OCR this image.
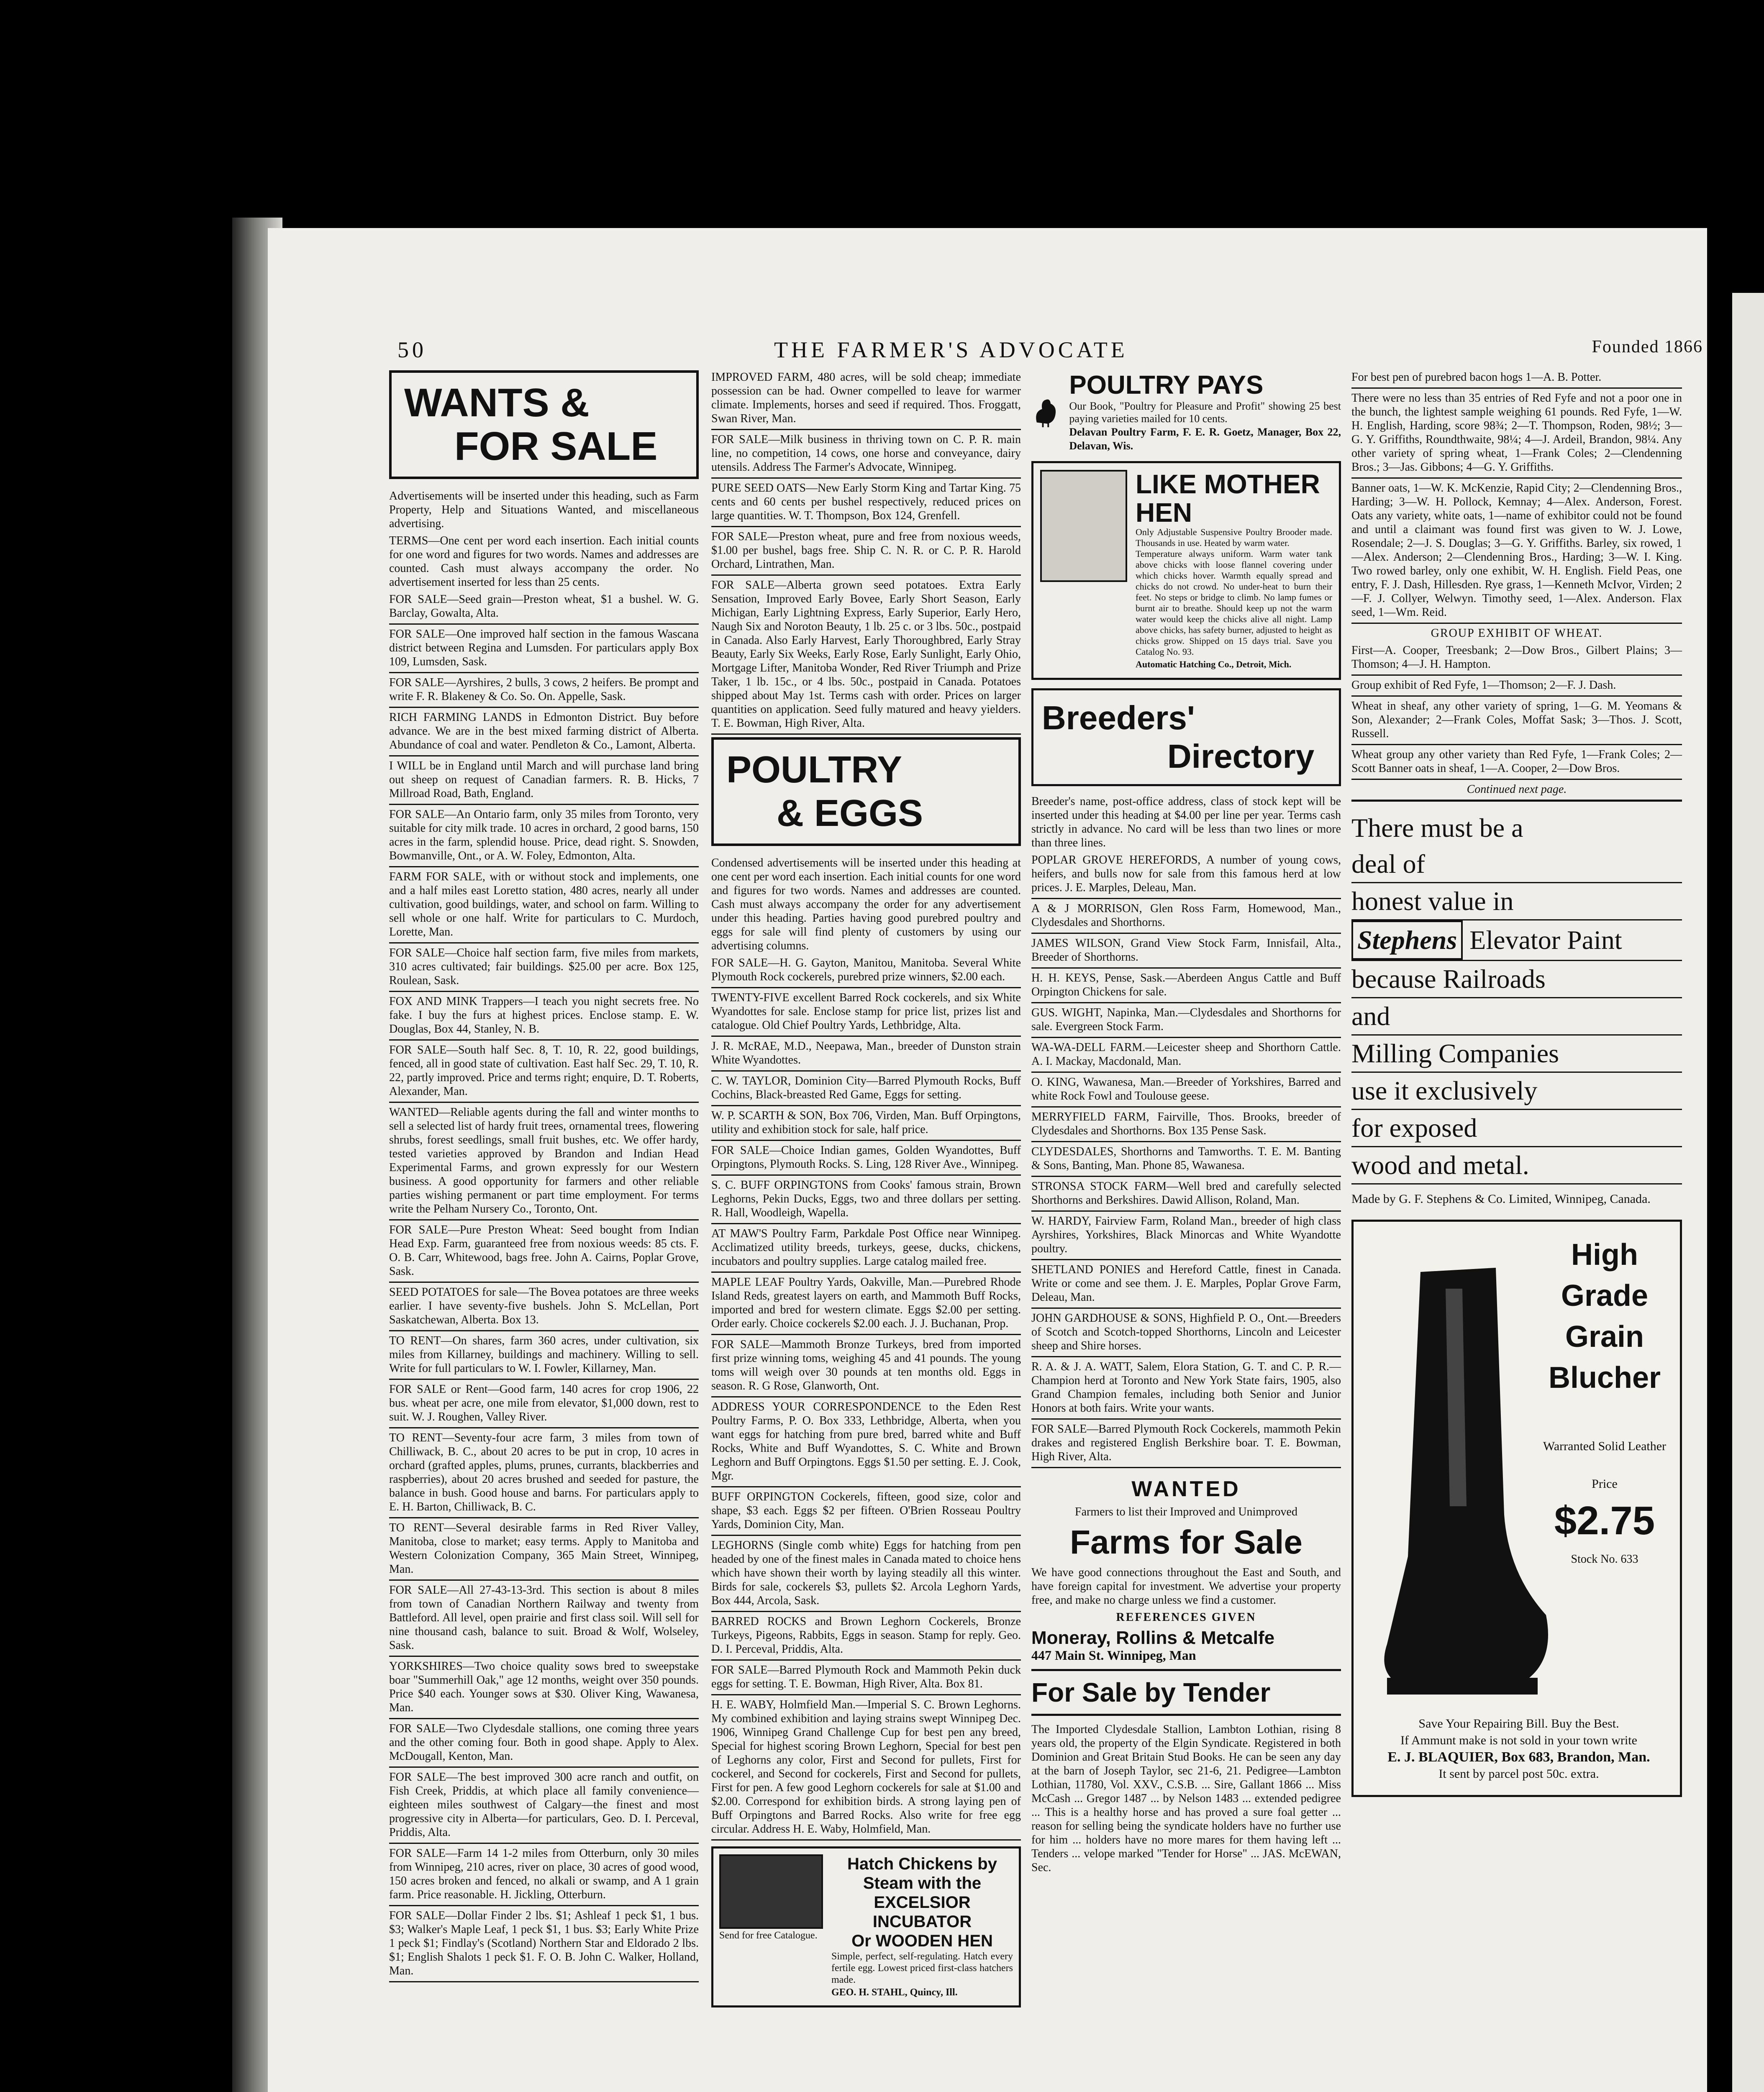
50	THE FARMER'S ADVOCATE	Founded 1866
WANTS &
FOR SALE

Advertisements will be inserted under this heading, such as Farm Property, Help and Situations Wanted, and miscellaneous advertising.

TERMS—One cent per word each insertion. Each initial counts for one word and figures for two words. Names and addresses are counted. Cash must always accompany the order. No advertisement inserted for less than 25 cents.

FOR SALE—Seed grain—Preston wheat, $1 a bushel. W. G. Barclay, Gowalta, Alta.

FOR SALE—One improved half section in the famous Wascana district between Regina and Lumsden. For particulars apply Box 109, Lumsden, Sask.

FOR SALE—Ayrshires, 2 bulls, 3 cows, 2 heifers. Be prompt and write F. R. Blakeney & Co. So. On. Appelle, Sask.

RICH FARMING LANDS in Edmonton District. Buy before advance. We are in the best mixed farming district of Alberta. Abundance of coal and water. Pendleton & Co., Lamont, Alberta.

I WILL be in England until March and will purchase land bring out sheep on request of Canadian farmers. R. B. Hicks, 7 Millroad Road, Bath, England.

FOR SALE—An Ontario farm, only 35 miles from Toronto, very suitable for city milk trade. 10 acres in orchard, 2 good barns, 150 acres in the farm, splendid house. Price, dead right. S. Snowden, Bowmanville, Ont., or A. W. Foley, Edmonton, Alta.

FARM FOR SALE, with or without stock and implements, one and a half miles east Loretto station, 480 acres, nearly all under cultivation, good buildings, water, and school on farm. Willing to sell whole or one half. Write for particulars to C. Murdoch, Lorette, Man.

FOR SALE—Choice half section farm, five miles from markets, 310 acres cultivated; fair buildings. $25.00 per acre. Box 125, Roulean, Sask.

FOX AND MINK Trappers—I teach you night secrets free. No fake. I buy the furs at highest prices. Enclose stamp. E. W. Douglas, Box 44, Stanley, N. B.

FOR SALE—South half Sec. 8, T. 10, R. 22, good buildings, fenced, all in good state of cultivation. East half Sec. 29, T. 10, R. 22, partly improved. Price and terms right; enquire, D. T. Roberts, Alexander, Man.

WANTED—Reliable agents during the fall and winter months to sell a selected list of hardy fruit trees, ornamental trees, flowering shrubs, forest seedlings, small fruit bushes, etc. We offer hardy, tested varieties approved by Brandon and Indian Head Experimental Farms, and grown expressly for our Western business. A good opportunity for farmers and other reliable parties wishing permanent or part time employment. For terms write the Pelham Nursery Co., Toronto, Ont.

FOR SALE—Pure Preston Wheat: Seed bought from Indian Head Exp. Farm, guaranteed free from noxious weeds: 85 cts. F. O. B. Carr, Whitewood, bags free. John A. Cairns, Poplar Grove, Sask.

SEED POTATOES for sale—The Bovea potatoes are three weeks earlier. I have seventy-five bushels. John S. McLellan, Port Saskatchewan, Alberta. Box 13.

TO RENT—On shares, farm 360 acres, under cultivation, six miles from Killarney, buildings and machinery. Willing to sell. Write for full particulars to W. I. Fowler, Killarney, Man.

FOR SALE or Rent—Good farm, 140 acres for crop 1906, 22 bus. wheat per acre, one mile from elevator, $1,000 down, rest to suit. W. J. Roughen, Valley River.

TO RENT—Seventy-four acre farm, 3 miles from town of Chilliwack, B. C., about 20 acres to be put in crop, 10 acres in orchard (grafted apples, plums, prunes, currants, blackberries and raspberries), about 20 acres brushed and seeded for pasture, the balance in bush. Good house and barns. For particulars apply to E. H. Barton, Chilliwack, B. C.

TO RENT—Several desirable farms in Red River Valley, Manitoba, close to market; easy terms. Apply to Manitoba and Western Colonization Company, 365 Main Street, Winnipeg, Man.

FOR SALE—All 27-43-13-3rd. This section is about 8 miles from town of Canadian Northern Railway and twenty from Battleford. All level, open prairie and first class soil. Will sell for nine thousand cash, balance to suit. Broad & Wolf, Wolseley, Sask.

YORKSHIRES—Two choice quality sows bred to sweepstake boar "Summerhill Oak," age 12 months, weight over 350 pounds. Price $40 each. Younger sows at $30. Oliver King, Wawanesa, Man.

FOR SALE—Two Clydesdale stallions, one coming three years and the other coming four. Both in good shape. Apply to Alex. McDougall, Kenton, Man.

FOR SALE—The best improved 300 acre ranch and outfit, on Fish Creek, Priddis, at which place all family convenience—eighteen miles southwest of Calgary—the finest and most progressive city in Alberta—for particulars, Geo. D. I. Perceval, Priddis, Alta.

FOR SALE—Farm 14 1-2 miles from Otterburn, only 30 miles from Winnipeg, 210 acres, river on place, 30 acres of good wood, 150 acres broken and fenced, no alkali or swamp, and A 1 grain farm. Price reasonable. H. Jickling, Otterburn.

FOR SALE—Dollar Finder 2 lbs. $1; Ashleaf 1 peck $1, 1 bus. $3; Walker's Maple Leaf, 1 peck $1, 1 bus. $3; Early White Prize 1 peck $1; Findlay's (Scotland) Northern Star and Eldorado 2 lbs. $1; English Shalots 1 peck $1. F. O. B. John C. Walker, Holland, Man.

IMPROVED FARM, 480 acres, will be sold cheap; immediate possession can be had. Owner compelled to leave for warmer climate. Implements, horses and seed if required. Thos. Froggatt, Swan River, Man.

FOR SALE—Milk business in thriving town on C. P. R. main line, no competition, 14 cows, one horse and conveyance, dairy utensils. Address The Farmer's Advocate, Winnipeg.

PURE SEED OATS—New Early Storm King and Tartar King. 75 cents and 60 cents per bushel respectively, reduced prices on large quantities. W. T. Thompson, Box 124, Grenfell.

FOR SALE—Preston wheat, pure and free from noxious weeds, $1.00 per bushel, bags free. Ship C. N. R. or C. P. R. Harold Orchard, Lintrathen, Man.

FOR SALE—Alberta grown seed potatoes. Extra Early Sensation, Improved Early Bovee, Early Short Season, Early Michigan, Early Lightning Express, Early Superior, Early Hero, Naugh Six and Noroton Beauty, 1 lb. 25 c. or 3 lbs. 50c., postpaid in Canada. Also Early Harvest, Early Thoroughbred, Early Stray Beauty, Early Six Weeks, Early Rose, Early Sunlight, Early Ohio, Mortgage Lifter, Manitoba Wonder, Red River Triumph and Prize Taker, 1 lb. 15c., or 4 lbs. 50c., postpaid in Canada. Potatoes shipped about May 1st. Terms cash with order. Prices on larger quantities on application. Seed fully matured and heavy yielders. T. E. Bowman, High River, Alta.

POULTRY
& EGGS

Condensed advertisements will be inserted under this heading at one cent per word each insertion. Each initial counts for one word and figures for two words. Names and addresses are counted. Cash must always accompany the order for any advertisement under this heading. Parties having good purebred poultry and eggs for sale will find plenty of customers by using our advertising columns.

FOR SALE—H. G. Gayton, Manitou, Manitoba. Several White Plymouth Rock cockerels, purebred prize winners, $2.00 each.

TWENTY-FIVE excellent Barred Rock cockerels, and six White Wyandottes for sale. Enclose stamp for price list, prizes list and catalogue. Old Chief Poultry Yards, Lethbridge, Alta.

J. R. McRAE, M.D., Neepawa, Man., breeder of Dunston strain White Wyandottes.

C. W. TAYLOR, Dominion City—Barred Plymouth Rocks, Buff Cochins, Black-breasted Red Game, Eggs for setting.

W. P. SCARTH & SON, Box 706, Virden, Man. Buff Orpingtons, utility and exhibition stock for sale, half price.

FOR SALE—Choice Indian games, Golden Wyandottes, Buff Orpingtons, Plymouth Rocks. S. Ling, 128 River Ave., Winnipeg.

S. C. BUFF ORPINGTONS from Cooks' famous strain, Brown Leghorns, Pekin Ducks, Eggs, two and three dollars per setting. R. Hall, Woodleigh, Wapella.

AT MAW'S Poultry Farm, Parkdale Post Office near Winnipeg. Acclimatized utility breeds, turkeys, geese, ducks, chickens, incubators and poultry supplies. Large catalog mailed free.

MAPLE LEAF Poultry Yards, Oakville, Man.—Purebred Rhode Island Reds, greatest layers on earth, and Mammoth Buff Rocks, imported and bred for western climate. Eggs $2.00 per setting. Order early. Choice cockerels $2.00 each. J. J. Buchanan, Prop.

FOR SALE—Mammoth Bronze Turkeys, bred from imported first prize winning toms, weighing 45 and 41 pounds. The young toms will weigh over 30 pounds at ten months old. Eggs in season. R. G Rose, Glanworth, Ont.

ADDRESS YOUR CORRESPONDENCE to the Eden Rest Poultry Farms, P. O. Box 333, Lethbridge, Alberta, when you want eggs for hatching from pure bred, barred white and Buff Rocks, White and Buff Wyandottes, S. C. White and Brown Leghorn and Buff Orpingtons. Eggs $1.50 per setting. E. J. Cook, Mgr.

BUFF ORPINGTON Cockerels, fifteen, good size, color and shape, $3 each. Eggs $2 per fifteen. O'Brien Rosseau Poultry Yards, Dominion City, Man.

LEGHORNS (Single comb white) Eggs for hatching from pen headed by one of the finest males in Canada mated to choice hens which have shown their worth by laying steadily all this winter. Birds for sale, cockerels $3, pullets $2. Arcola Leghorn Yards, Box 444, Arcola, Sask.

BARRED ROCKS and Brown Leghorn Cockerels, Bronze Turkeys, Pigeons, Rabbits, Eggs in season. Stamp for reply. Geo. D. I. Perceval, Priddis, Alta.

FOR SALE—Barred Plymouth Rock and Mammoth Pekin duck eggs for setting. T. E. Bowman, High River, Alta. Box 81.

H. E. WABY, Holmfield Man.—Imperial S. C. Brown Leghorns. My combined exhibition and laying strains swept Winnipeg Dec. 1906, Winnipeg Grand Challenge Cup for best pen any breed, Special for highest scoring Brown Leghorn, Special for best pen of Leghorns any color, First and Second for pullets, First for cockerel, and Second for cockerels, First and Second for pullets, First for pen. A few good Leghorn cockerels for sale at $1.00 and $2.00. Correspond for exhibition birds. A strong laying pen of Buff Orpingtons and Barred Rocks. Also write for free egg circular. Address H. E. Waby, Holmfield, Man.

Send for free Catalogue.
Hatch Chickens by
Steam with the
EXCELSIOR INCUBATOR
Or WOODEN HEN
Simple, perfect, self-regulating. Hatch every fertile egg. Lowest priced first-class hatchers made.
GEO. H. STAHL, Quincy, Ill.
POULTRY PAYS
Our Book, "Poultry for Pleasure and Profit" showing 25 best paying varieties mailed for 10 cents.
Delavan Poultry Farm, F. E. R. Goetz, Manager, Box 22, Delavan, Wis.
LIKE MOTHER
HEN
Only Adjustable Suspensive Poultry Brooder made. Thousands in use. Heated by warm water.
Temperature always uniform. Warm water tank above chicks with loose flannel covering under which chicks hover. Warmth equally spread and chicks do not crowd. No under-heat to burn their feet. No steps or bridge to climb. No lamp fumes or burnt air to breathe. Should keep up not the warm water would keep the chicks alive all night. Lamp above chicks, has safety burner, adjusted to height as chicks grow. Shipped on 15 days trial. Save you Catalog No. 93.
Automatic Hatching Co., Detroit, Mich.
Breeders'
Directory

Breeder's name, post-office address, class of stock kept will be inserted under this heading at $4.00 per line per year. Terms cash strictly in advance. No card will be less than two lines or more than three lines.

POPLAR GROVE HEREFORDS, A number of young cows, heifers, and bulls now for sale from this famous herd at low prices. J. E. Marples, Deleau, Man.

A & J MORRISON, Glen Ross Farm, Homewood, Man., Clydesdales and Shorthorns.

JAMES WILSON, Grand View Stock Farm, Innisfail, Alta., Breeder of Shorthorns.

H. H. KEYS, Pense, Sask.—Aberdeen Angus Cattle and Buff Orpington Chickens for sale.

GUS. WIGHT, Napinka, Man.—Clydesdales and Shorthorns for sale. Evergreen Stock Farm.

WA-WA-DELL FARM.—Leicester sheep and Shorthorn Cattle. A. I. Mackay, Macdonald, Man.

O. KING, Wawanesa, Man.—Breeder of Yorkshires, Barred and white Rock Fowl and Toulouse geese.

MERRYFIELD FARM, Fairville, Thos. Brooks, breeder of Clydesdales and Shorthorns. Box 135 Pense Sask.

CLYDESDALES, Shorthorns and Tamworths. T. E. M. Banting & Sons, Banting, Man. Phone 85, Wawanesa.

STRONSA STOCK FARM—Well bred and carefully selected Shorthorns and Berkshires. Dawid Allison, Roland, Man.

W. HARDY, Fairview Farm, Roland Man., breeder of high class Ayrshires, Yorkshires, Black Minorcas and White Wyandotte poultry.

SHETLAND PONIES and Hereford Cattle, finest in Canada. Write or come and see them. J. E. Marples, Poplar Grove Farm, Deleau, Man.

JOHN GARDHOUSE & SONS, Highfield P. O., Ont.—Breeders of Scotch and Scotch-topped Shorthorns, Lincoln and Leicester sheep and Shire horses.

R. A. & J. A. WATT, Salem, Elora Station, G. T. and C. P. R.—Champion herd at Toronto and New York State fairs, 1905, also Grand Champion females, including both Senior and Junior Honors at both fairs. Write your wants.

FOR SALE—Barred Plymouth Rock Cockerels, mammoth Pekin drakes and registered English Berkshire boar. T. E. Bowman, High River, Alta.

WANTED

Farmers to list their Improved and Unimproved

Farms for Sale

We have good connections throughout the East and South, and have foreign capital for investment. We advertise your property free, and make no charge unless we find a customer.

REFERENCES GIVEN

Moneray, Rollins & Metcalfe
447 Main St. Winnipeg, Man
For Sale by Tender

The Imported Clydesdale Stallion, Lambton Lothian, rising 8 years old, the property of the Elgin Syndicate. Registered in both Dominion and Great Britain Stud Books. He can be seen any day at the barn of Joseph Taylor, sec 21-6, 21. Pedigree—Lambton Lothian, 11780, Vol. XXV., C.S.B. ... Sire, Gallant 1866 ... Miss McCash ... Gregor 1487 ... by Nelson 1483 ... extended pedigree ... This is a healthy horse and has proved a sure foal getter ... reason for selling being the syndicate holders have no further use for him ... holders have no more mares for them having left ... Tenders ... velope marked "Tender for Horse" ... JAS. McEWAN, Sec.

For best pen of purebred bacon hogs 1—A. B. Potter.

There were no less than 35 entries of Red Fyfe and not a poor one in the bunch, the lightest sample weighing 61 pounds. Red Fyfe, 1—W. H. English, Harding, score 98¾; 2—T. Thompson, Roden, 98½; 3—G. Y. Griffiths, Roundthwaite, 98¼; 4—J. Ardeil, Brandon, 98¼. Any other variety of spring wheat, 1—Frank Coles; 2—Clendenning Bros.; 3—Jas. Gibbons; 4—G. Y. Griffiths.

Banner oats, 1—W. K. McKenzie, Rapid City; 2—Clendenning Bros., Harding; 3—W. H. Pollock, Kemnay; 4—Alex. Anderson, Forest. Oats any variety, white oats, 1—name of exhibitor could not be found and until a claimant was found first was given to W. J. Lowe, Rosendale; 2—J. S. Douglas; 3—G. Y. Griffiths. Barley, six rowed, 1—Alex. Anderson; 2—Clendenning Bros., Harding; 3—W. I. King. Two rowed barley, only one exhibit, W. H. English. Field Peas, one entry, F. J. Dash, Hillesden. Rye grass, 1—Kenneth McIvor, Virden; 2—F. J. Collyer, Welwyn. Timothy seed, 1—Alex. Anderson. Flax seed, 1—Wm. Reid.

GROUP EXHIBIT OF WHEAT.

First—A. Cooper, Treesbank; 2—Dow Bros., Gilbert Plains; 3—Thomson; 4—J. H. Hampton.

Group exhibit of Red Fyfe, 1—Thomson; 2—F. J. Dash.

Wheat in sheaf, any other variety of spring, 1—G. M. Yeomans & Son, Alexander; 2—Frank Coles, Moffat Sask; 3—Thos. J. Scott, Russell.

Wheat group any other variety than Red Fyfe, 1—Frank Coles; 2—Scott Banner oats in sheaf, 1—A. Cooper, 2—Dow Bros.

Continued next page.

There must be a
deal of
honest value in
Stephens Elevator Paint
because Railroads
and
Milling Companies
use it exclusively
for exposed
wood and metal.
Made by G. F. Stephens & Co. Limited, Winnipeg, Canada.
High
Grade
Grain
Blucher
Warranted Solid Leather
Price
$2.75
Stock No. 633
Save Your Repairing Bill. Buy the Best.
If Ammunt make is not sold in your town write
E. J. BLAQUIER, Box 683, Brandon, Man.
It sent by parcel post 50c. extra.
